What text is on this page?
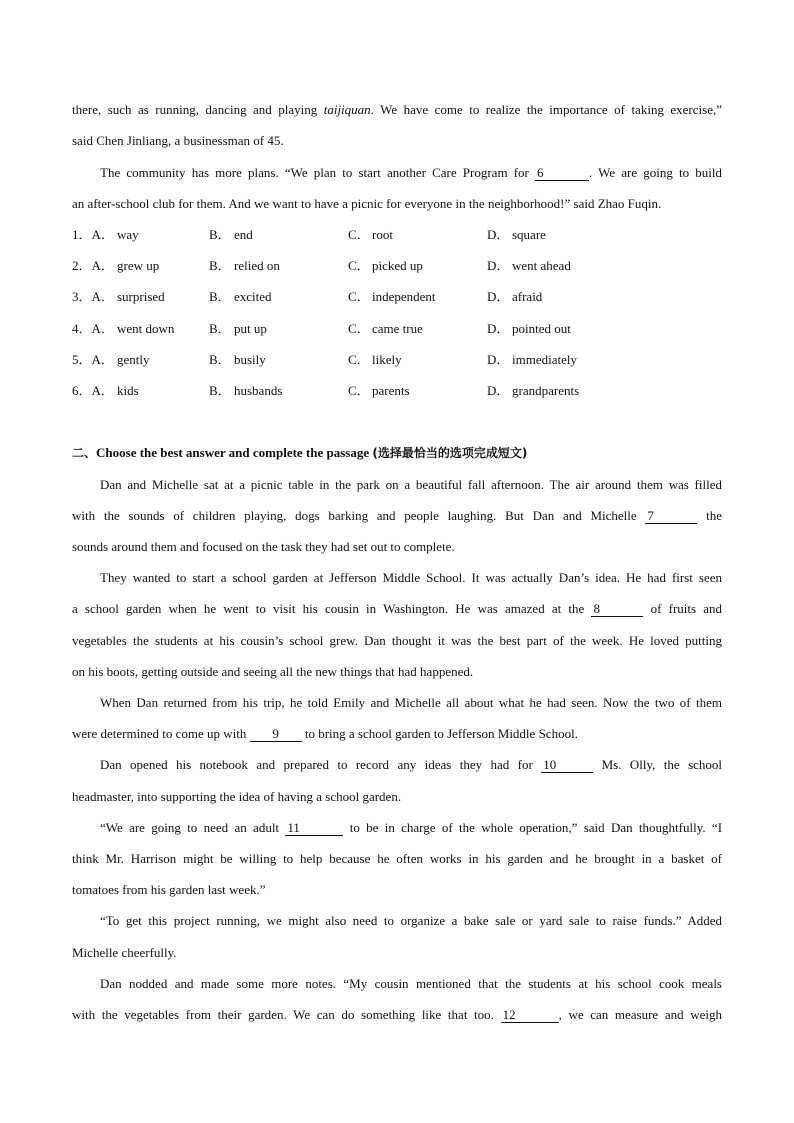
there, such as running, dancing and playing taijiquan. We have come to realize the importance of taking exercise,”
said Chen Jinliang, a businessman of 45.
The community has more plans. “We plan to start another Care Program for 6	. We are going to build
an after-school club for them. And we want to have a picnic for everyone in the neighborhood!” said Zhao Fuqin.
1．A． way	B． end	C． root	D． square
2．A． grew up	B． relied on	C． picked up	D． went ahead
3．A． surprised	B． excited	C． independent	D． afraid
4．A． went down	B． put up	C． came true	D． pointed out
5．A． gently	B． busily	C． likely	D． immediately
6．A． kids	B． husbands	C． parents	D． grandparents
二、Choose the best answer and complete the passage (选择最恰当的选项完成短文)
Dan and Michelle sat at a picnic table in the park on a beautiful fall afternoon. The air around them was filled
with the sounds of children playing, dogs barking and people laughing. But Dan and Michelle 7	the
sounds around them and focused on the task they had set out to complete.
They wanted to start a school garden at Jefferson Middle School. It was actually Dan’s idea. He had first seen
a school garden when he went to visit his cousin in Washington. He was amazed at the 8	of fruits and
vegetables the students at his cousin’s school grew. Dan thought it was the best part of the week. He loved putting
on his boots, getting outside and seeing all the new things that had happened.
When Dan returned from his trip, he told Emily and Michelle all about what he had seen. Now the two of them
were determined to come up with 9 to bring a school garden to Jefferson Middle School.
Dan opened his notebook and prepared to record any ideas they had for 10	Ms. Olly, the school
headmaster, into supporting the idea of having a school garden.
“We are going to need an adult 11	to be in charge of the whole operation,” said Dan thoughtfully. “I
think Mr. Harrison might be willing to help because he often works in his garden and he brought in a basket of
tomatoes from his garden last week.”
“To get this project running, we might also need to organize a bake sale or yard sale to raise funds.” Added
Michelle cheerfully.
Dan nodded and made some more notes. “My cousin mentioned that the students at his school cook meals
with the vegetables from their garden. We can do something like that too. 12	, we can measure and weigh
